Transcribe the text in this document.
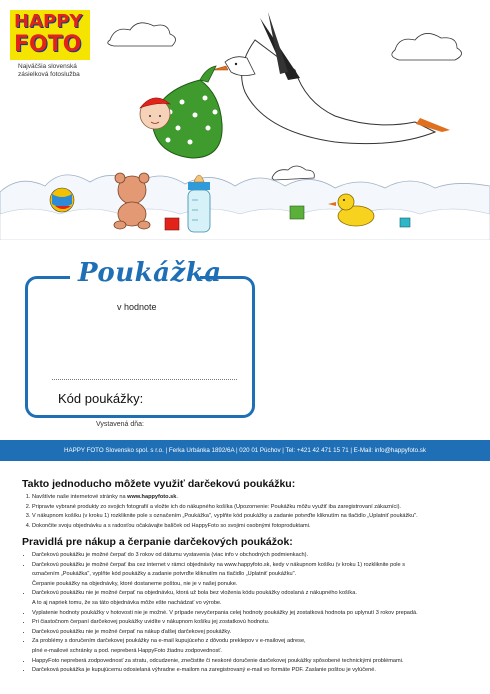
HAPPY
FOTO
Najväčšia slovenská
zásielková fotoslužba
Poukážka
v hodnote
Kód poukážky:
Vystavená dňa:
HAPPY FOTO Slovensko spol. s r.o. | Ferka Urbánka 1892/6A | 020 01 Púchov | Tel: +421 42 471 15 71 | E-Mail: info@happyfoto.sk
Takto jednoducho môžete využiť darčekovú poukážku:
1. Navštívte naše internetové stránky na www.happyfoto.sk.
2. Pripravte vybrané produkty zo svojich fotografií a vložte ich do nákupného košíka (Upozornenie: Poukážku môžu využiť iba zaregistrovaní zákazníci).
3. V nákupnom košíku (v kroku 1) rozkliknite pole s označením „Poukážka", vyplňte kód poukážky a zadanie potvrďte kliknutím na tlačidlo „Uplatniť poukážku".
4. Dokončite svoju objednávku a s radosťou očakávajte balíček od HappyFoto so svojimi osobnými fotoproduktami.
Pravidlá pre nákup a čerpanie darčekových poukážok:
• Darčekovú poukážku je možné čerpať do 3 rokov od dátumu vystavenia (viac info v obchodných podmienkach).
• Darčekovú poukážku je možné čerpať iba cez internet v rámci objednávky na www.happyfoto.sk, kedy v nákupnom košíku (v kroku 1) rozkliknite pole s
označením „Poukážka", vyplňte kód poukážky a zadanie potvrďte kliknutím na tlačidlo „Uplatniť poukážku".
Čerpanie poukážky na objednávky, ktoré dostaneme poštou, nie je v našej ponuke.
• Darčekovú poukážku nie je možné čerpať na objednávku, ktorá už bola bez vloženia kódu poukážky odoslaná z nákupného košíka.
A to aj napriek tomu, že sa táto objednávka môže ešte nachádzať vo výrobe.
• Vyplatenie hodnoty poukážky v hotovosti nie je možné. V prípade nevyčerpania celej hodnoty poukážky jej zostatková hodnota po uplynutí 3 rokov prepadá.
• Pri čiastočnom čerpaní darčekovej poukážky uvidíte v nákupnom košíku jej zostatkovú hodnotu.
• Darčekovú poukážku nie je možné čerpať na nákup ďalšej darčekovej poukážky.
• Za problémy s doručením darčekovej poukážky na e-mail kupujúceho z dôvodu preklepov v e-mailovej adrese,
plné e-mailové schránky a pod. nepreberá HappyFoto žiadnu zodpovednosť.
• HappyFoto nepreberá zodpovednosť za stratu, odcudzenie, znečistite či neskoré doručenie darčekovej poukážky spôsobené technickými problémami.
• Darčeková poukážka je kupujúcemu odosielaná výhradne e-mailom na zaregistrovaný e-mail vo formáte PDF. Zaslanie poštou je vylúčené.
